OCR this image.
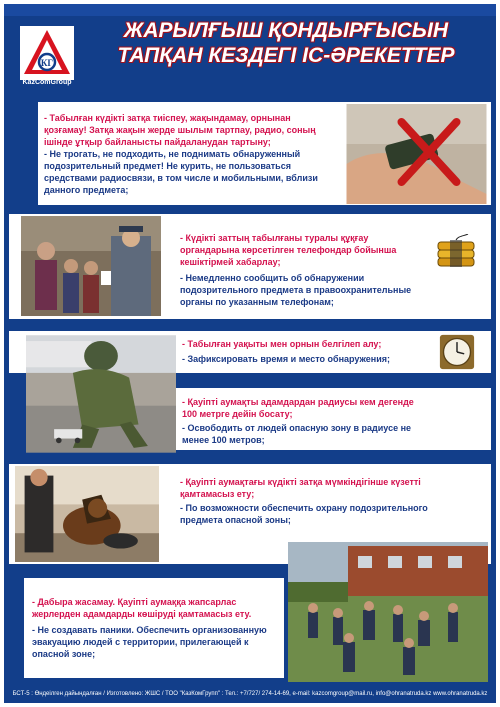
КГ
KazComGroup
ЖАРЫЛҒЫШ ҚОНДЫРҒЫСЫН
ТАПҚАН КЕЗДЕГІ ІС-ӘРЕКЕТТЕР
- Табылған күдікті затқа тиіспеу, жақындамау, орнынан қозғамау! Затқа жақын жерде шылым тартпау, радио, соның ішінде ұтқыр байланысты пайдаланудан тартыну;
- Не трогать, не подходить, не поднимать обнаруженный подозрительный предмет! Не курить, не пользоваться средствами радиосвязи, в том числе и мобильными, вблизи данного предмета;
- Күдікті заттың табылғаны туралы құқғау органдарына көрсетілген телефондар бойынша кешіктірмей хабарлау;
- Немедленно сообщить об обнаружении подозрительного предмета в правоохранительные органы по указанным телефонам;
- Табылған уақыты мен орнын белгілеп алу;
- Зафиксировать время и место обнаружения;
- Қауіпті аумақты адамдардан радиусы кем дегенде 100 метрге дейін босату;
- Освободить от людей опасную зону в радиусе не менее 100 метров;
- Қауіпті аумақтағы күдікті затқа мүмкіндігінше күзетті қамтамасыз ету;
- По возможности обеспечить охрану подозрительного предмета опасной зоны;
- Дабыра жасамау. Қауіпті аумаққа жапсарлас жерлерден адамдарды көшіруді қамтамасыз ету.
- Не создавать паники. Обеспечить организованную эвакуацию людей с территории, прилегающей к опасной зоне;
БСТ-5 : Өндеілген дайындалған / Изготовлено: ЖШС / ТОО "КазКомГрупп" : Тел.: +7/727/ 274-14-69, e-mail: kazcomgroup@mail.ru, info@ohranatruda.kz www.ohranatruda.kz
